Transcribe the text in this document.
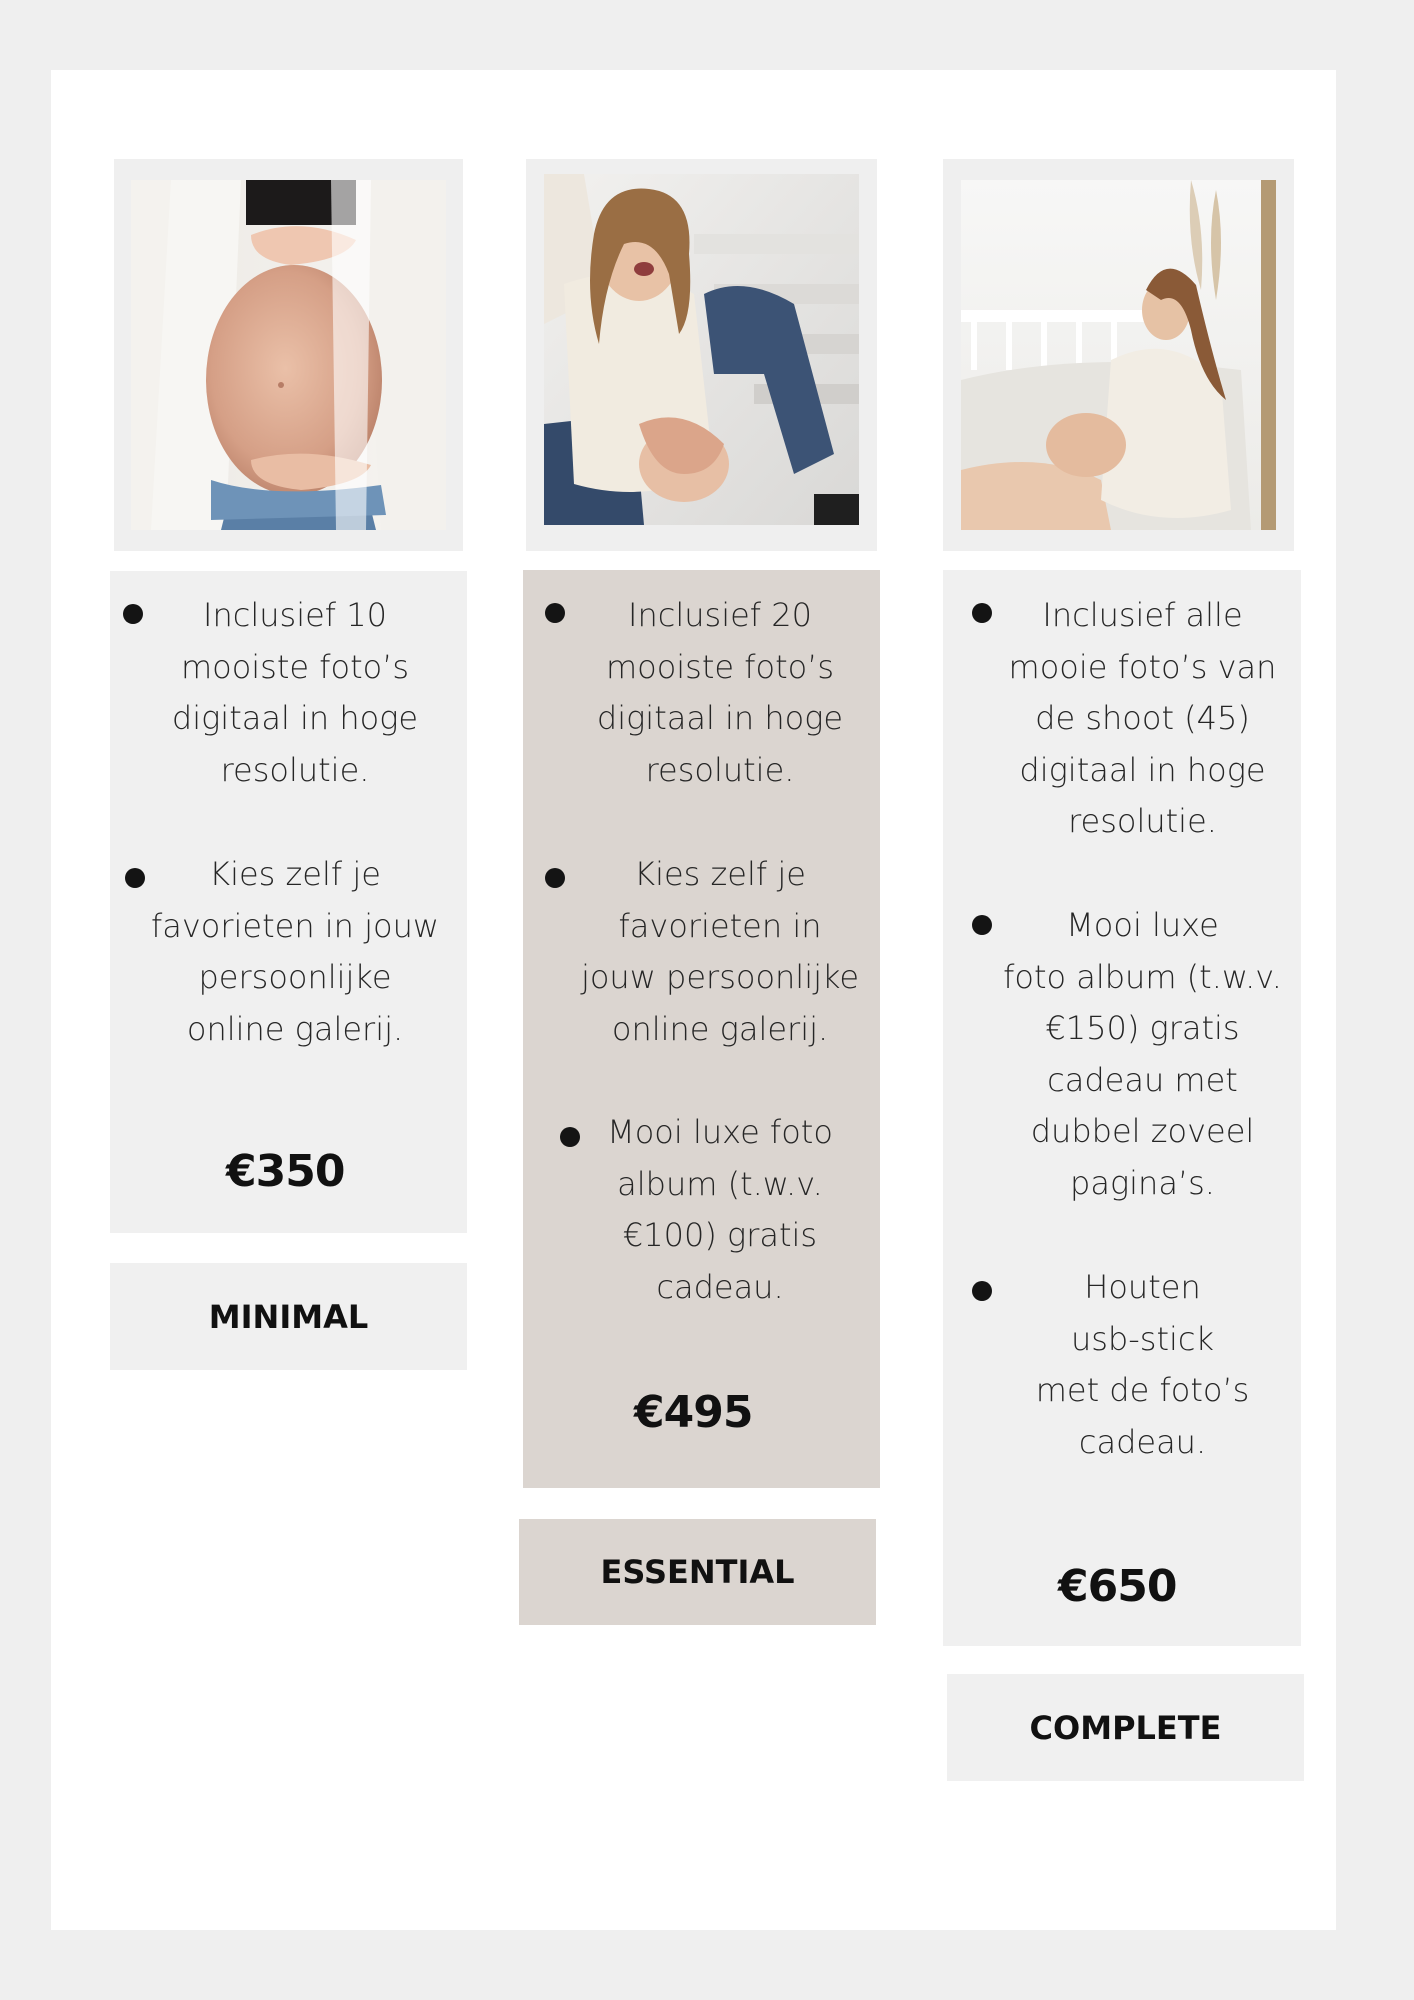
Inclusief 10
mooiste foto’s
digitaal in hoge
resolutie.
Kies zelf je
favorieten in jouw
persoonlijke
online galerij.
€350
MINIMAL
Inclusief 20
mooiste foto’s
digitaal in hoge
resolutie.
Kies zelf je
favorieten in
jouw persoonlijke
online galerij.
Mooi luxe foto
album (t.w.v.
€100) gratis
cadeau.
€495
ESSENTIAL
Inclusief alle
mooie foto’s van
de shoot (45)
digitaal in hoge
resolutie.
Mooi luxe
foto album (t.w.v.
€150) gratis
cadeau met
dubbel zoveel
pagina’s.
Houten
usb-stick
met de foto’s
cadeau.
€650
COMPLETE
